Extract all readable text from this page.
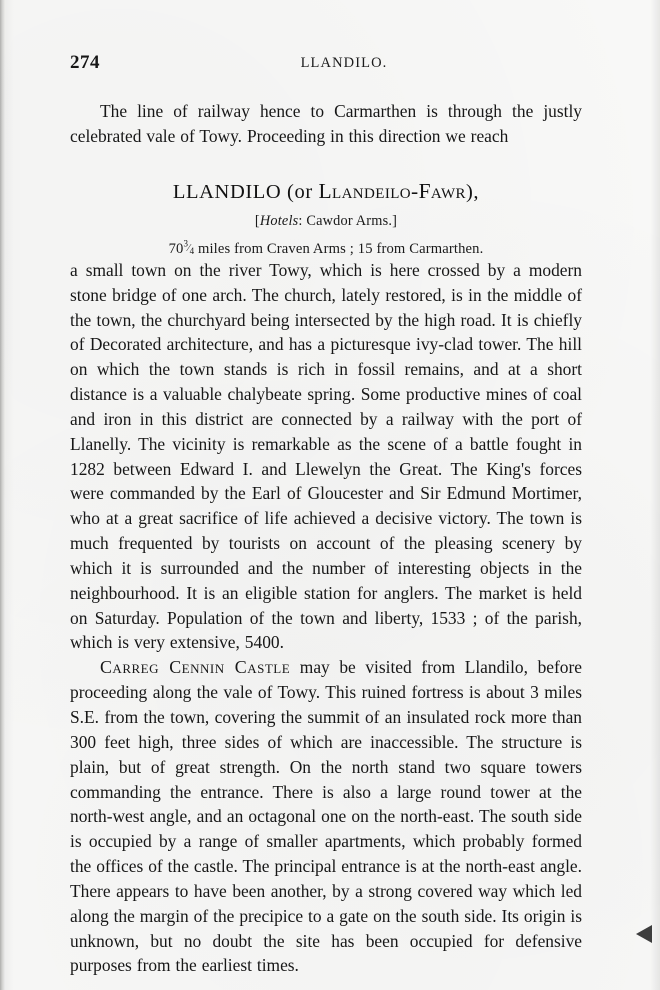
274	LLANDILO.

The line of railway hence to Carmarthen is through the justly celebrated vale of Towy. Proceeding in this direction we reach

LLANDILO (or Llandeilo-Fawr),
[Hotels: Cawdor Arms.]
$70^3⁄_4$ miles from Craven Arms ; 15 from Carmarthen.

a small town on the river Towy, which is here crossed by a modern stone bridge of one arch. The church, lately restored, is in the middle of the town, the churchyard being intersected by the high road. It is chiefly of Decorated architecture, and has a picturesque ivy-clad tower. The hill on which the town stands is rich in fossil remains, and at a short distance is a valuable chalybeate spring. Some productive mines of coal and iron in this district are connected by a railway with the port of Llanelly. The vicinity is remarkable as the scene of a battle fought in 1282 between Edward I. and Llewelyn the Great. The King's forces were commanded by the Earl of Gloucester and Sir Edmund Mortimer, who at a great sacrifice of life achieved a decisive victory. The town is much frequented by tourists on account of the pleasing scenery by which it is surrounded and the number of interesting objects in the neighbourhood. It is an eligible station for anglers. The market is held on Saturday. Population of the town and liberty, 1533 ; of the parish, which is very extensive, 5400.

Carreg Cennin Castle may be visited from Llandilo, before proceeding along the vale of Towy. This ruined fortress is about 3 miles S.E. from the town, covering the summit of an insulated rock more than 300 feet high, three sides of which are inaccessible. The structure is plain, but of great strength. On the north stand two square towers commanding the entrance. There is also a large round tower at the north-west angle, and an octagonal one on the north-east. The south side is occupied by a range of smaller apartments, which probably formed the offices of the castle. The principal entrance is at the north-east angle. There appears to have been another, by a strong covered way which led along the margin of the precipice to a gate on the south side. Its origin is unknown, but no doubt the site has been occupied for defensive purposes from the earliest times.
